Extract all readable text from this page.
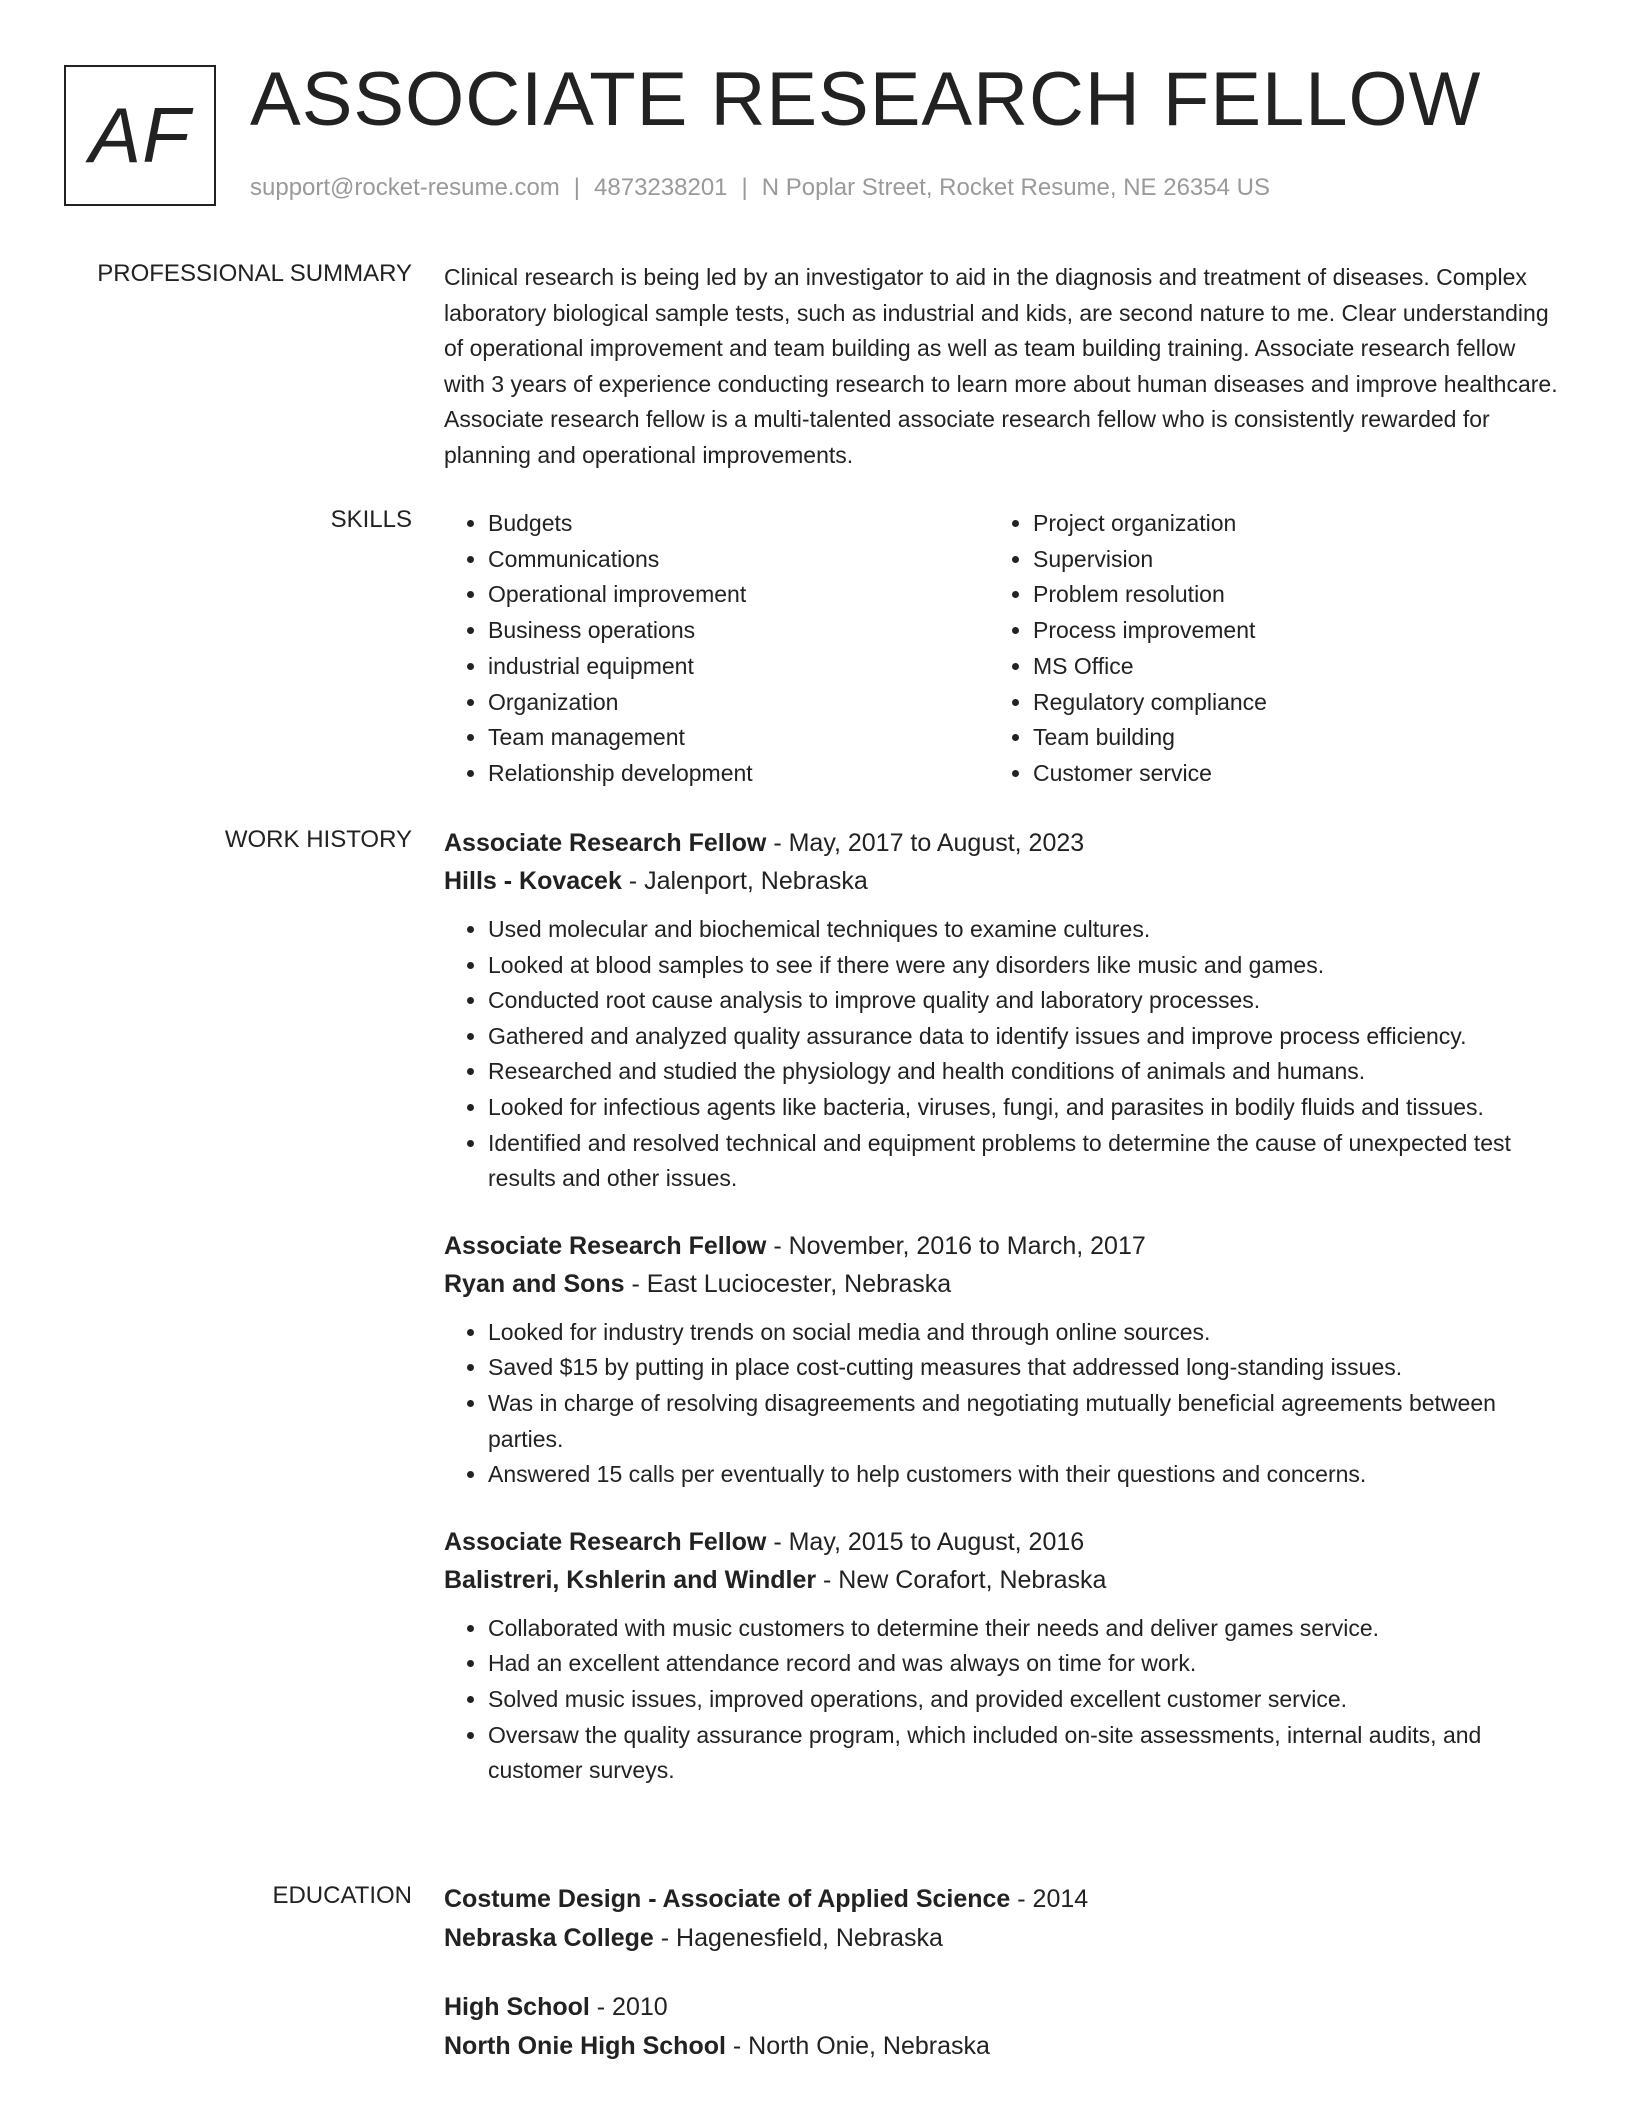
AF ASSOCIATE RESEARCH FELLOW
support@rocket-resume.com | 4873238201 | N Poplar Street, Rocket Resume, NE 26354 US
PROFESSIONAL SUMMARY Clinical research is being led by an investigator to aid in the diagnosis and treatment of diseases. Complex laboratory biological sample tests, such as industrial and kids, are second nature to me. Clear understanding of operational improvement and team building as well as team building training. Associate research fellow with 3 years of experience conducting research to learn more about human diseases and improve healthcare. Associate research fellow is a multi-talented associate research fellow who is consistently rewarded for planning and operational improvements.
SKILLS
•	Budgets
• Communications
• Operational improvement
• Business operations
• industrial equipment
• Organization
• Team management
• Relationship development
• Project organization
• Supervision
• Problem resolution
• Process improvement
• MS Office
• Regulatory compliance
• Team building
• Customer service
WORK HISTORY Associate Research Fellow - May, 2017 to August, 2023
Hills - Kovacek - Jalenport, Nebraska
• Used molecular and biochemical techniques to examine cultures.
• Looked at blood samples to see if there were any disorders like music and games.
• Conducted root cause analysis to improve quality and laboratory processes.
• Gathered and analyzed quality assurance data to identify issues and improve process efficiency.
• Researched and studied the physiology and health conditions of animals and humans.
• Looked for infectious agents like bacteria, viruses, fungi, and parasites in bodily fluids and tissues.
• Identified and resolved technical and equipment problems to determine the cause of unexpected test results and other issues.
Associate Research Fellow - November, 2016 to March, 2017
Ryan and Sons - East Luciocester, Nebraska
• Looked for industry trends on social media and through online sources.
• Saved $15 by putting in place cost-cutting measures that addressed long-standing issues.
• Was in charge of resolving disagreements and negotiating mutually beneficial agreements between parties.
• Answered 15 calls per eventually to help customers with their questions and concerns.
Associate Research Fellow - May, 2015 to August, 2016
Balistreri, Kshlerin and Windler - New Corafort, Nebraska
• Collaborated with music customers to determine their needs and deliver games service.
• Had an excellent attendance record and was always on time for work.
• Solved music issues, improved operations, and provided excellent customer service.
• Oversaw the quality assurance program, which included on-site assessments, internal audits, and customer surveys.
EDUCATION Costume Design - Associate of Applied Science - 2014
Nebraska College - Hagenesfield, Nebraska
High School - 2010
North Onie High School - North Onie, Nebraska
